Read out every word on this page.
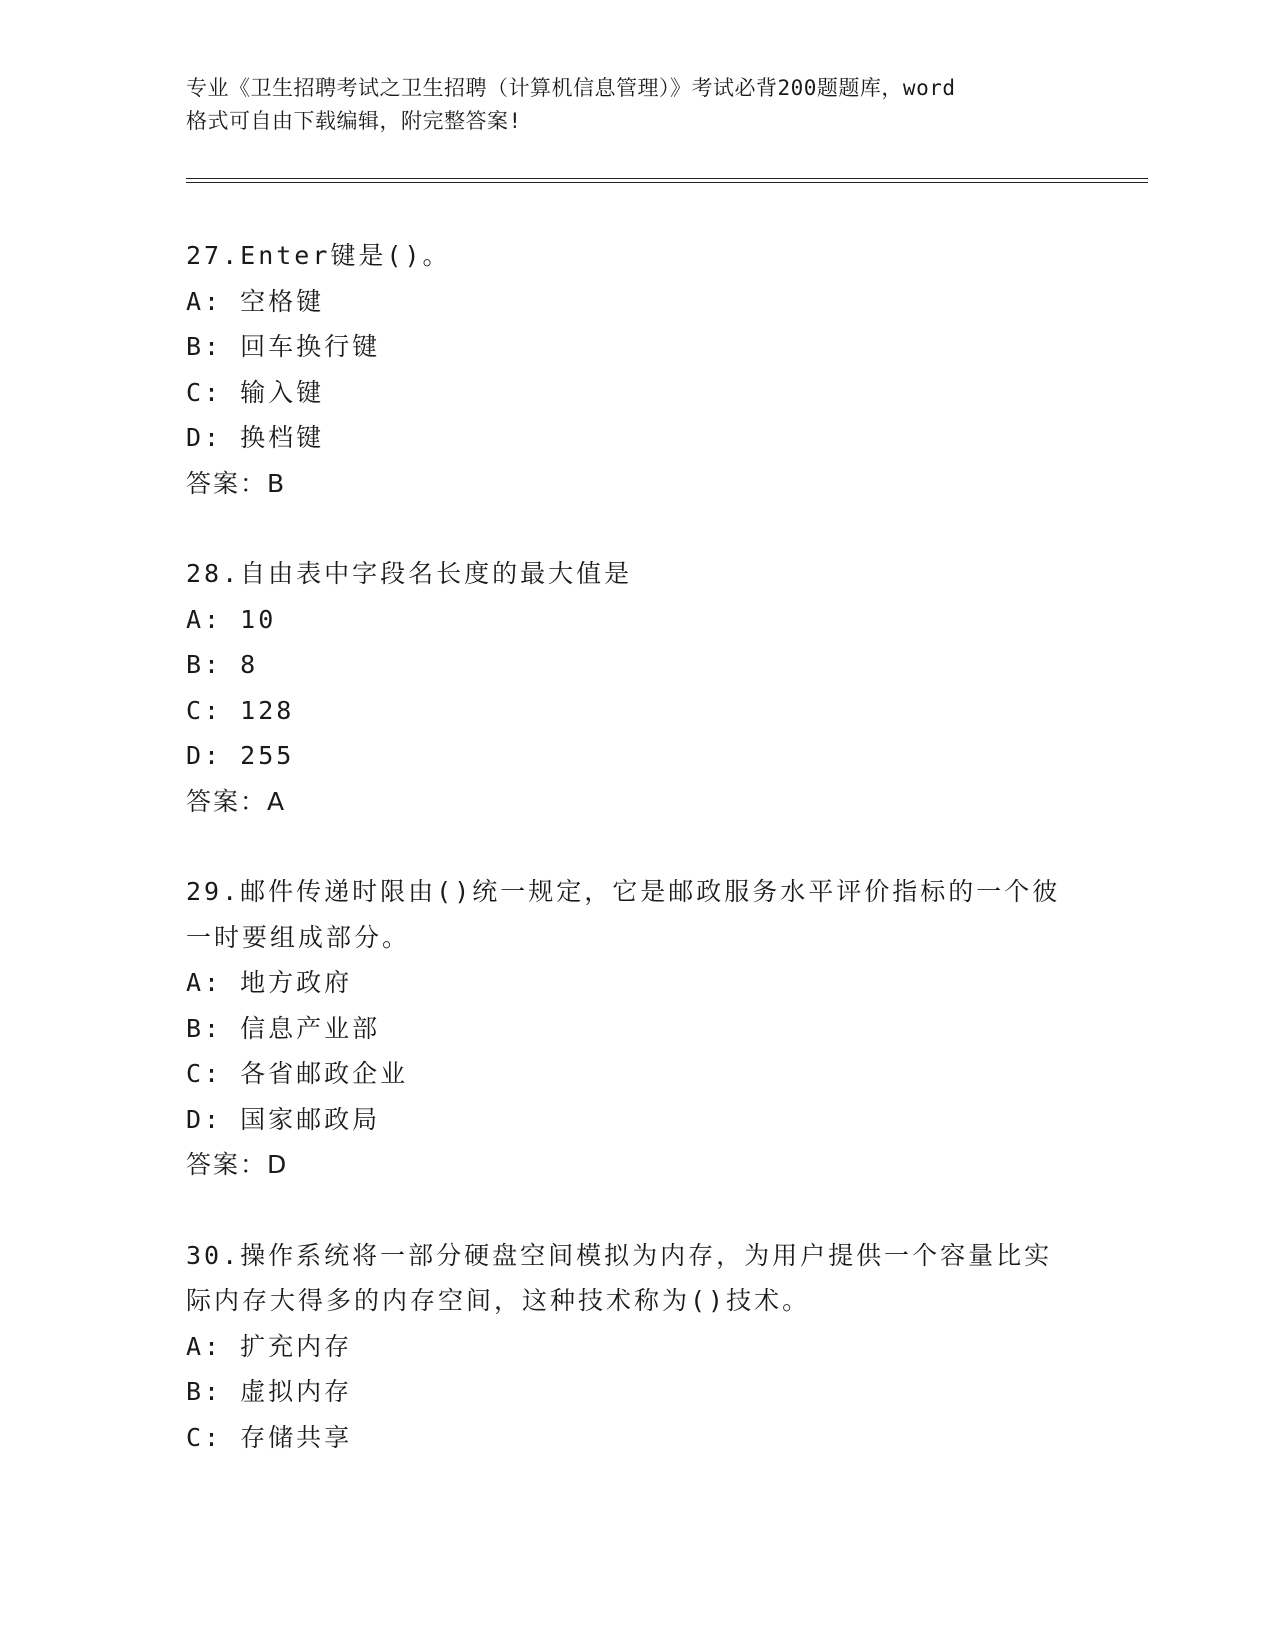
专业《卫生招聘考试之卫生招聘（计算机信息管理）》考试必背200题题库，word
格式可自由下载编辑，附完整答案!
27.Enter键是()。
A: 空格键
B: 回车换行键
C: 输入键
D: 换档键
答案：B
28.自由表中字段名长度的最大值是
A: 10
B: 8
C: 128
D: 255
答案：A
29.邮件传递时限由()统一规定，它是邮政服务水平评价指标的一个彼
一时要组成部分。
A: 地方政府
B: 信息产业部
C: 各省邮政企业
D: 国家邮政局
答案：D
30.操作系统将一部分硬盘空间模拟为内存，为用户提供一个容量比实
际内存大得多的内存空间，这种技术称为()技术。
A: 扩充内存
B: 虚拟内存
C: 存储共享
